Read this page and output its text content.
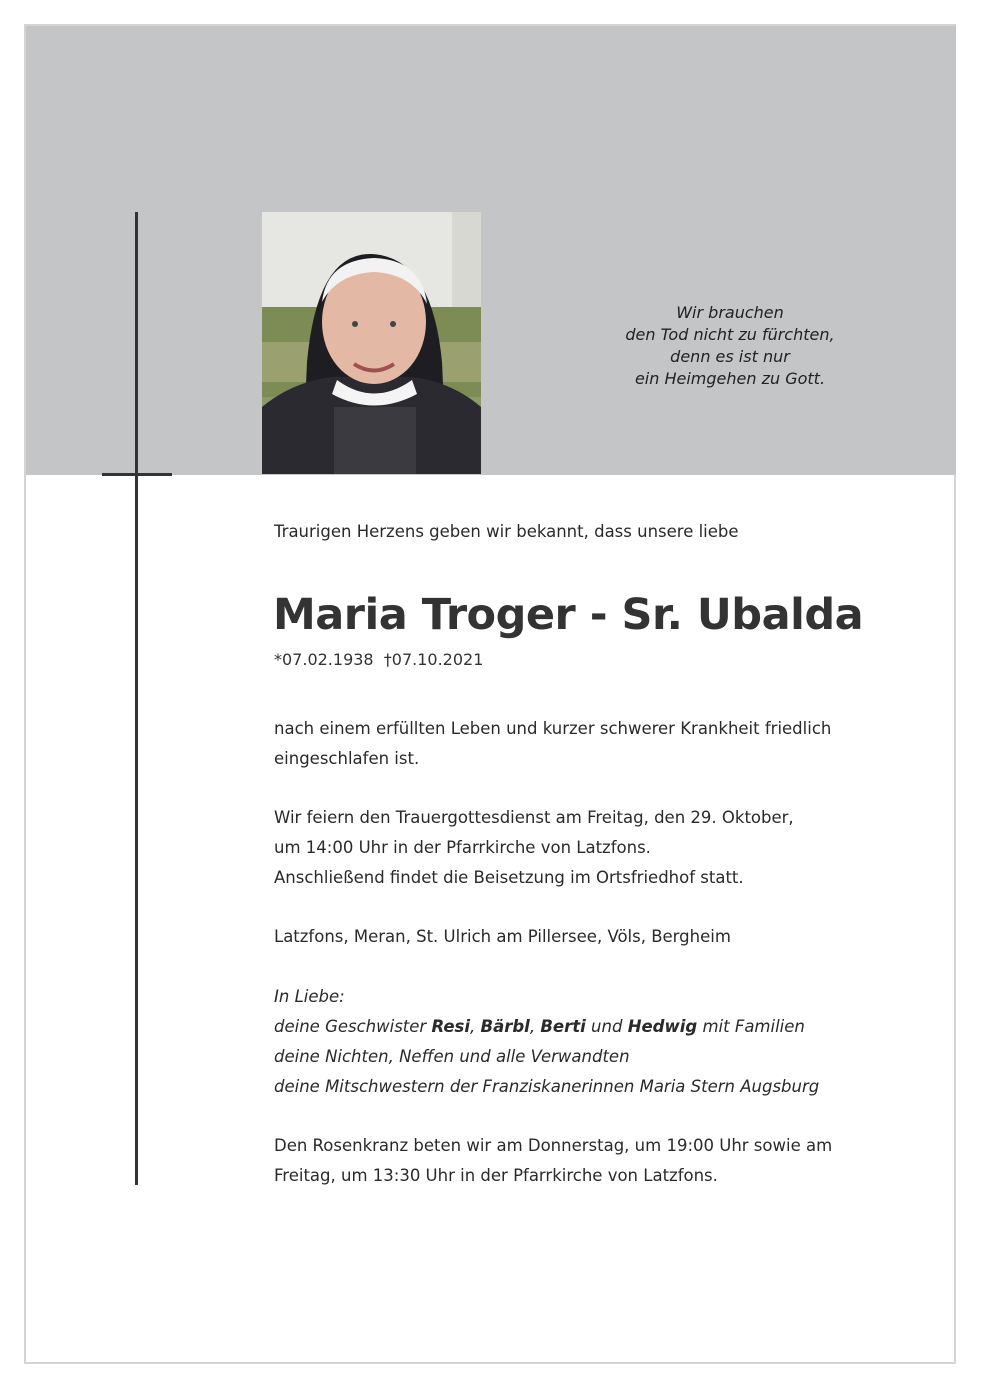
Wir brauchen
den Tod nicht zu fürchten,
denn es ist nur
ein Heimgehen zu Gott.
Traurigen Herzens geben wir bekannt, dass unsere liebe
Maria Troger - Sr. Ubalda
*07.02.1938 †07.10.2021
nach einem erfüllten Leben und kurzer schwerer Krankheit friedlich
eingeschlafen ist.
Wir feiern den Trauergottesdienst am Freitag, den 29. Oktober,
um 14:00 Uhr in der Pfarrkirche von Latzfons.
Anschließend findet die Beisetzung im Ortsfriedhof statt.
Latzfons, Meran, St. Ulrich am Pillersee, Völs, Bergheim
In Liebe:
deine Geschwister Resi, Bärbl, Berti und Hedwig mit Familien
deine Nichten, Neffen und alle Verwandten
deine Mitschwestern der Franziskanerinnen Maria Stern Augsburg
Den Rosenkranz beten wir am Donnerstag, um 19:00 Uhr sowie am
Freitag, um 13:30 Uhr in der Pfarrkirche von Latzfons.
